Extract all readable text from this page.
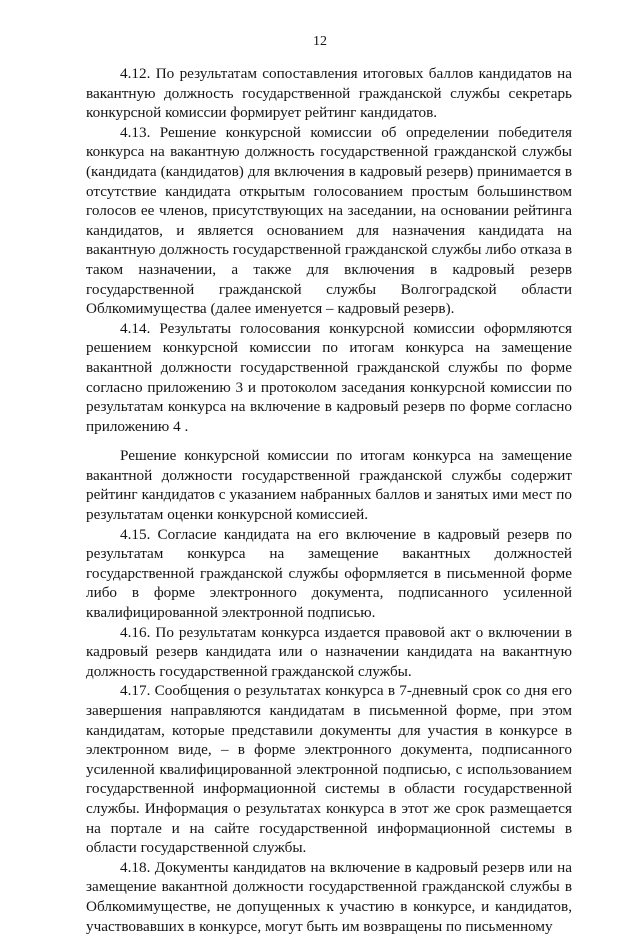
12

4.12. По результатам сопоставления итоговых баллов кандидатов на вакантную должность государственной гражданской службы секретарь конкурсной комиссии формирует рейтинг кандидатов.

4.13. Решение конкурсной комиссии об определении победителя конкурса на вакантную должность государственной гражданской службы (кандидата (кандидатов) для включения в кадровый резерв) принимается в отсутствие кандидата открытым голосованием простым большинством голосов ее членов, присутствующих на заседании, на основании рейтинга кандидатов, и является основанием для назначения кандидата на вакантную должность государственной гражданской службы либо отказа в таком назначении, а также для включения в кадровый резерв государственной гражданской службы Волгоградской области Облкомимущества (далее именуется – кадровый резерв).

4.14. Результаты голосования конкурсной комиссии оформляются решением конкурсной комиссии по итогам конкурса на замещение вакантной должности государственной гражданской службы по форме согласно приложению 3 и протоколом заседания конкурсной комиссии по результатам конкурса на включение в кадровый резерв по форме согласно приложению 4 .

Решение конкурсной комиссии по итогам конкурса на замещение вакантной должности государственной гражданской службы содержит рейтинг кандидатов с указанием набранных баллов и занятых ими мест по результатам оценки конкурсной комиссией.

4.15. Согласие кандидата на его включение в кадровый резерв по результатам конкурса на замещение вакантных должностей государственной гражданской службы оформляется в письменной форме либо в форме электронного документа, подписанного усиленной квалифицированной электронной подписью.

4.16. По результатам конкурса издается правовой акт о включении в кадровый резерв кандидата или о назначении кандидата на вакантную должность государственной гражданской службы.

4.17. Сообщения о результатах конкурса в 7-дневный срок со дня его завершения направляются кандидатам в письменной форме, при этом кандидатам, которые представили документы для участия в конкурсе в электронном виде, – в форме электронного документа, подписанного усиленной квалифицированной электронной подписью, с использованием государственной информационной системы в области государственной службы. Информация о результатах конкурса в этот же срок размещается на портале и на сайте государственной информационной системы в области государственной службы.

4.18. Документы кандидатов на включение в кадровый резерв или на замещение вакантной должности государственной гражданской службы в Облкомимуществе, не допущенных к участию в конкурсе, и кандидатов, участвовавших в конкурсе, могут быть им возвращены по письменному
